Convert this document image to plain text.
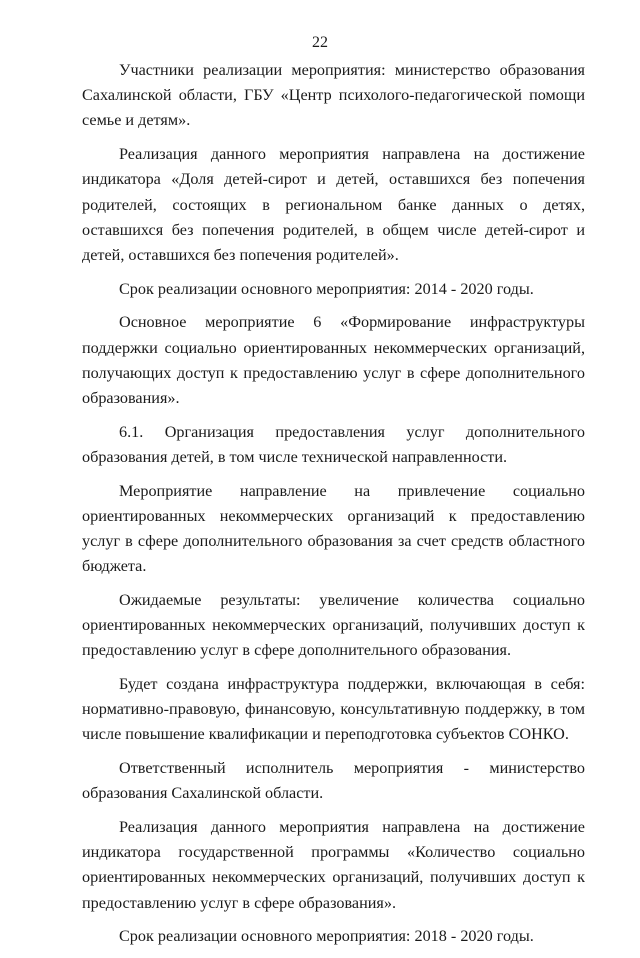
22

Участники реализации мероприятия: министерство образования Сахалинской области, ГБУ «Центр психолого-педагогической помощи семье и детям».

Реализация данного мероприятия направлена на достижение индикатора «Доля детей-сирот и детей, оставшихся без попечения родителей, состоящих в региональном банке данных о детях, оставшихся без попечения родителей, в общем числе детей-сирот и детей, оставшихся без попечения родителей».

Срок реализации основного мероприятия: 2014 - 2020 годы.

Основное мероприятие 6 «Формирование инфраструктуры поддержки социально ориентированных некоммерческих организаций, получающих доступ к предоставлению услуг в сфере дополнительного образования».

6.1. Организация предоставления услуг дополнительного образования детей, в том числе технической направленности.

Мероприятие направление на привлечение социально ориентированных некоммерческих организаций к предоставлению услуг в сфере дополнительного образования за счет средств областного бюджета.

Ожидаемые результаты: увеличение количества социально ориентированных некоммерческих организаций, получивших доступ к предоставлению услуг в сфере дополнительного образования.

Будет создана инфраструктура поддержки, включающая в себя: нормативно-правовую, финансовую, консультативную поддержку, в том числе повышение квалификации и переподготовка субъектов СОНКО.

Ответственный исполнитель мероприятия - министерство образования Сахалинской области.

Реализация данного мероприятия направлена на достижение индикатора государственной программы «Количество социально ориентированных некоммерческих организаций, получивших доступ к предоставлению услуг в сфере образования».

Срок реализации основного мероприятия: 2018 - 2020 годы.
